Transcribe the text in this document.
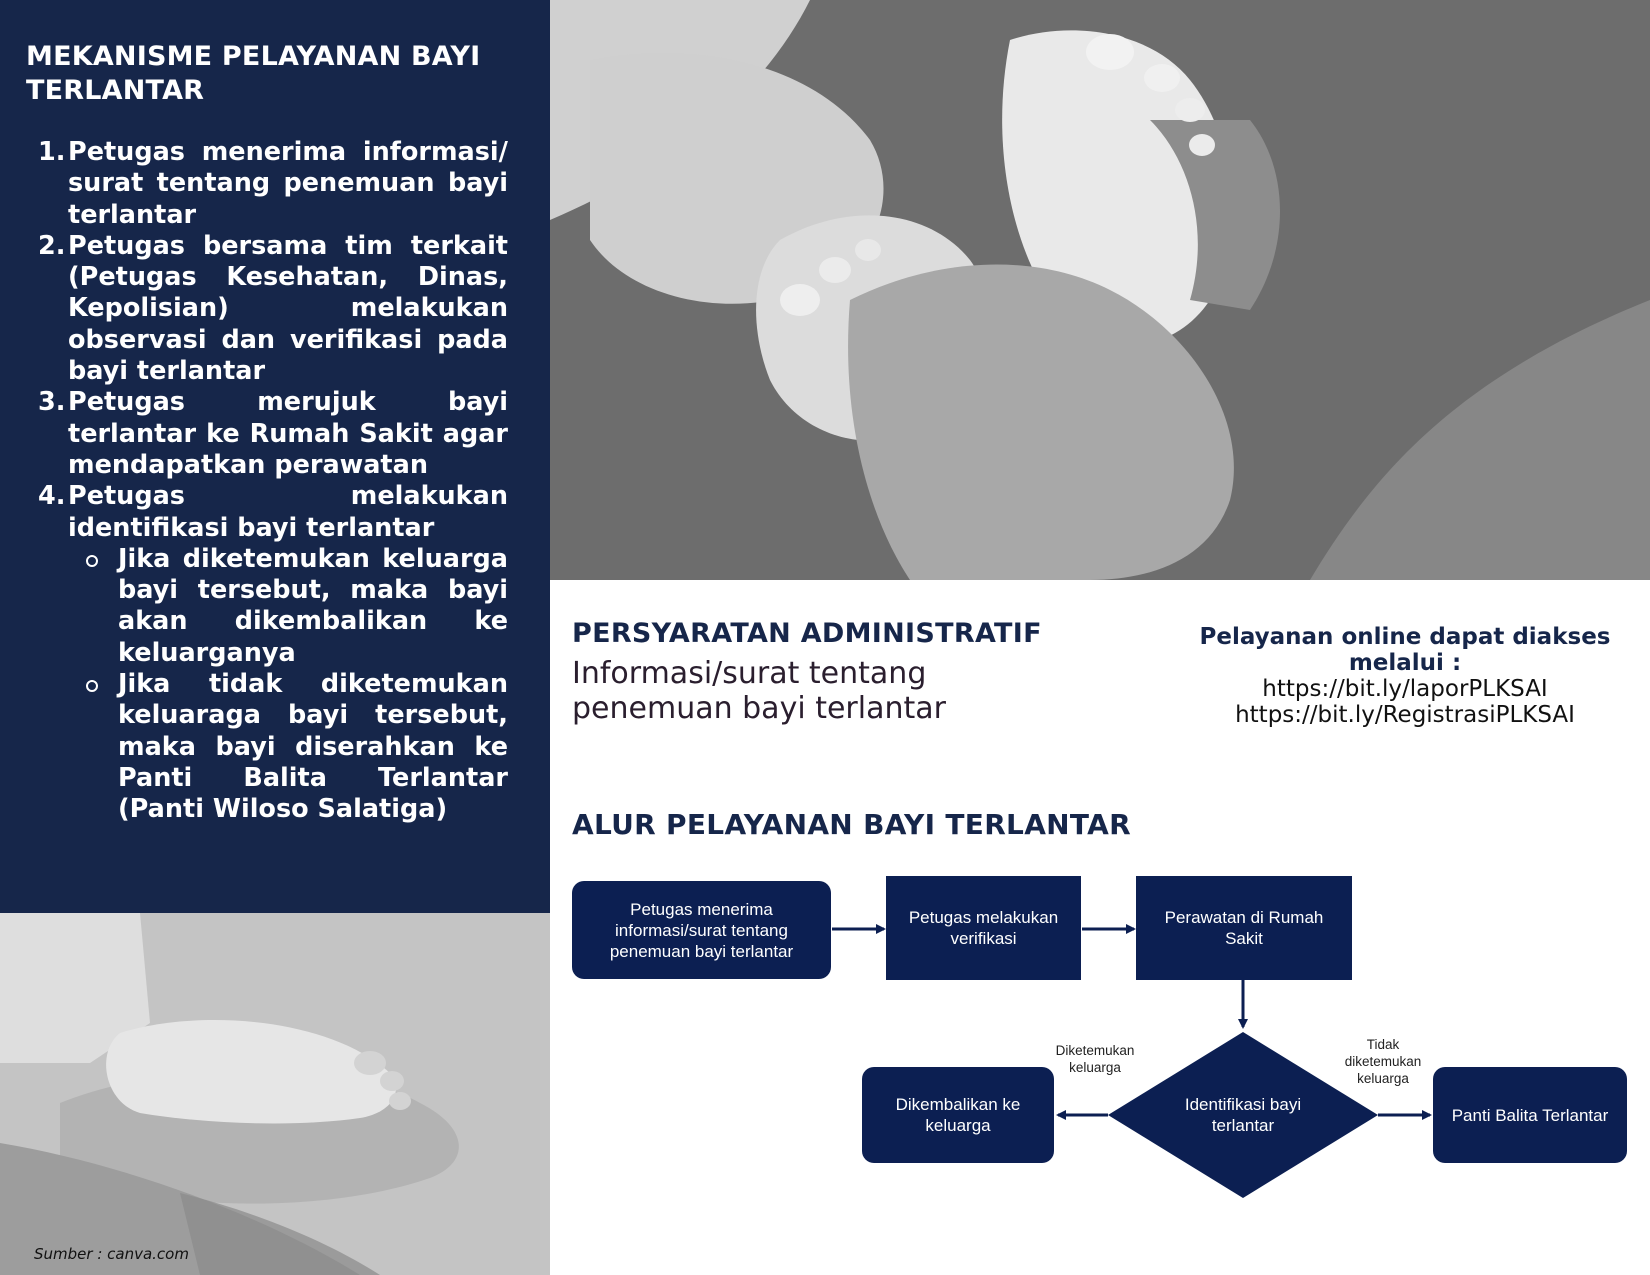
MEKANISME PELAYANAN BAYI TERLANTAR
1. Petugas menerima informasi/ surat tentang penemuan bayi terlantar
2. Petugas bersama tim terkait (Petugas Kesehatan, Dinas, Kepolisian) melakukan observasi dan verifikasi pada bayi terlantar
3. Petugas merujuk bayi terlantar ke Rumah Sakit agar mendapatkan perawatan
4. Petugas melakukan identifikasi bayi terlantar
Jika diketemukan keluarga bayi tersebut, maka bayi akan dikembalikan ke keluarganya
Jika tidak diketemukan keluaraga bayi tersebut, maka bayi diserahkan ke Panti Balita Terlantar (Panti Wiloso Salatiga)
Sumber : canva.com
PERSYARATAN ADMINISTRATIF
Informasi/surat tentang penemuan bayi terlantar
Pelayanan online dapat diakses melalui :
https://bit.ly/laporPLKSAI
https://bit.ly/RegistrasiPLKSAI
ALUR PELAYANAN BAYI TERLANTAR
Petugas menerima informasi/surat tentang penemuan bayi terlantar
Petugas melakukan verifikasi
Perawatan di Rumah Sakit
Identifikasi bayi terlantar
Dikembalikan ke keluarga
Panti Balita Terlantar
Diketemukan keluarga
Tidak diketemukan keluarga
